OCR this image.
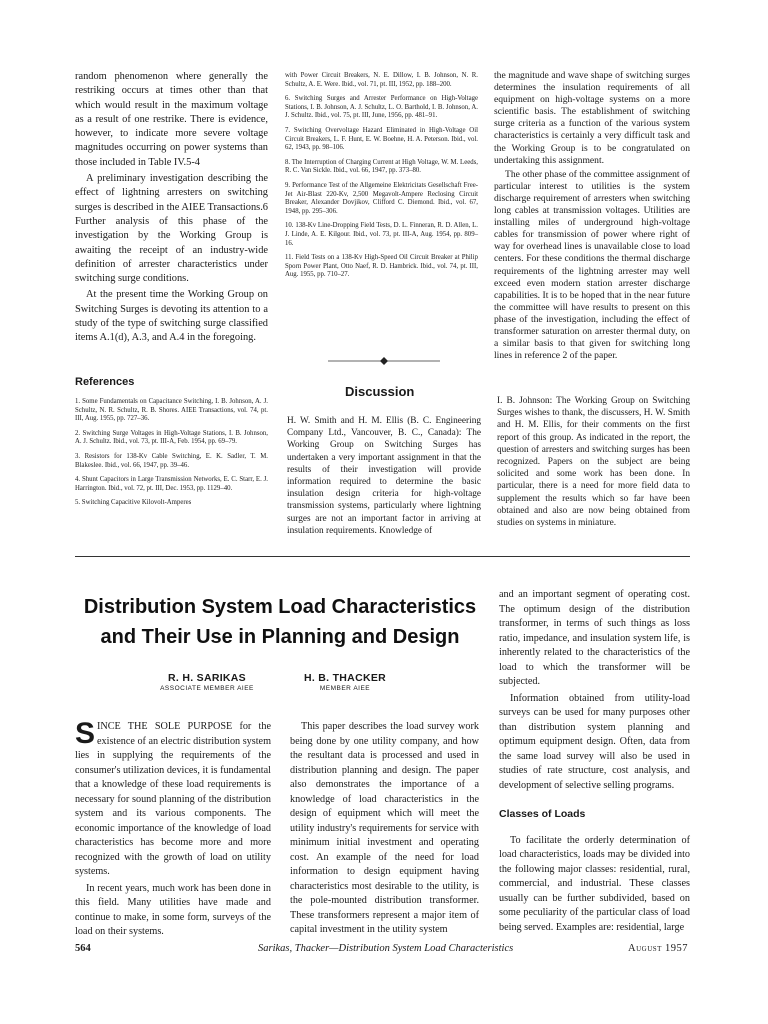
random phenomenon where generally the restriking occurs at times other than that which would result in the maximum voltage as a result of one restrike. There is evidence, however, to indicate more severe voltage magnitudes occurring on power systems than those included in Table IV.5-4

A preliminary investigation describing the effect of lightning arresters on switching surges is described in the AIEE Transactions.6 Further analysis of this phase of the investigation by the Working Group is awaiting the receipt of an industry-wide definition of arrester characteristics under switching surge conditions.

At the present time the Working Group on Switching Surges is devoting its attention to a study of the type of switching surge classified items A.1(d), A.3, and A.4 in the foregoing.

with Power Circuit Breakers, N. E. Dillow, I. B. Johnson, N. R. Schultz, A. E. Were. Ibid., vol. 71, pt. III, 1952, pp. 188–200.
6. Switching Surges and Arrester Performance on High-Voltage Stations, I. B. Johnson, A. J. Schultz, L. O. Barthold, I. B. Johnson, A. J. Schultz. Ibid., vol. 75, pt. III, June, 1956, pp. 481–91.
7. Switching Overvoltage Hazard Eliminated in High-Voltage Oil Circuit Breakers, L. F. Hunt, E. W. Boehne, H. A. Peterson. Ibid., vol. 62, 1943, pp. 98–106.
8. The Interruption of Charging Current at High Voltage, W. M. Leeds, R. C. Van Sickle. Ibid., vol. 66, 1947, pp. 373–80.
9. Performance Test of the Allgemeine Elektricitats Gesellschaft Free-Jet Air-Blast 220-Kv, 2,500 Megavolt-Ampere Reclosing Circuit Breaker, Alexander Dovjikov, Clifford C. Diemond. Ibid., vol. 67, 1948, pp. 295–306.
10. 138-Kv Line-Dropping Field Tests, D. L. Finneran, R. D. Allen, L. J. Linde, A. E. Kilgour. Ibid., vol. 73, pt. III-A, Aug. 1954, pp. 809–16.
11. Field Tests on a 138-Kv High-Speed Oil Circuit Breaker at Philip Sporn Power Plant, Otto Naef, R. D. Hambrick. Ibid., vol. 74, pt. III, Aug. 1955, pp. 710–27.

the magnitude and wave shape of switching surges determines the insulation requirements of all equipment on high-voltage systems on a more scientific basis. The establishment of switching surge criteria as a function of the various system characteristics is certainly a very difficult task and the Working Group is to be congratulated on undertaking this assignment.

The other phase of the committee assignment of particular interest to utilities is the system discharge requirement of arresters when switching long cables at transmission voltages. Utilities are installing miles of underground high-voltage cables for transmission of power where right of way for overhead lines is unavailable close to load centers. For these conditions the thermal discharge requirements of the lightning arrester may well exceed even modern station arrester discharge capabilities. It is to be hoped that in the near future the committee will have results to present on this phase of the investigation, including the effect of transformer saturation on arrester thermal duty, on a similar basis to that given for switching long lines in reference 2 of the paper.

References
1. Some Fundamentals on Capacitance Switching, I. B. Johnson, A. J. Schultz, N. R. Schultz, R. B. Shores. AIEE Transactions, vol. 74, pt. III, Aug. 1955, pp. 727–36.
2. Switching Surge Voltages in High-Voltage Stations, I. B. Johnson, A. J. Schultz. Ibid., vol. 73, pt. III-A, Feb. 1954, pp. 69–79.
3. Resistors for 138-Kv Cable Switching, E. K. Sadler, T. M. Blakeslee. Ibid., vol. 66, 1947, pp. 39–46.
4. Shunt Capacitors in Large Transmission Networks, E. C. Starr, E. J. Harrington. Ibid., vol. 72, pt. III, Dec. 1953, pp. 1129–40.
5. Switching Capacitive Kilovolt-Amperes
Discussion

H. W. Smith and H. M. Ellis (B. C. Engineering Company Ltd., Vancouver, B. C., Canada): The Working Group on Switching Surges has undertaken a very important assignment in that the results of their investigation will provide information required to determine the basic insulation design criteria for high-voltage transmission systems, particularly where lightning surges are not an important factor in arriving at insulation requirements. Knowledge of

I. B. Johnson: The Working Group on Switching Surges wishes to thank, the discussers, H. W. Smith and H. M. Ellis, for their comments on the first report of this group. As indicated in the report, the question of arresters and switching surges has been recognized. Papers on the subject are being solicited and some work has been done. In particular, there is a need for more field data to supplement the results which so far have been obtained and also are now being obtained from studies on systems in miniature.

Distribution System Load Characteristics
and Their Use in Planning and Design
R. H. SARIKAS
ASSOCIATE MEMBER AIEE
H. B. THACKER
MEMBER AIEE

SINCE THE SOLE PURPOSE for the existence of an electric distribution system lies in supplying the requirements of the consumer's utilization devices, it is fundamental that a knowledge of these load requirements is necessary for sound planning of the distribution system and its various components. The economic importance of the knowledge of load characteristics has become more and more recognized with the growth of load on utility systems.

In recent years, much work has been done in this field. Many utilities have made and continue to make, in some form, surveys of the load on their systems.

This paper describes the load survey work being done by one utility company, and how the resultant data is processed and used in distribution planning and design. The paper also demonstrates the importance of a knowledge of load characteristics in the design of equipment which will meet the utility industry's requirements for service with minimum initial investment and operating cost. An example of the need for load information to design equipment having characteristics most desirable to the utility, is the pole-mounted distribution transformer. These transformers represent a major item of capital investment in the utility system

and an important segment of operating cost. The optimum design of the distribution transformer, in terms of such things as loss ratio, impedance, and insulation system life, is inherently related to the characteristics of the load to which the transformer will be subjected.

Information obtained from utility-load surveys can be used for many purposes other than distribution system planning and optimum equipment design. Often, data from the same load survey will also be used in studies of rate structure, cost analysis, and development of selective selling programs.

Classes of Loads

To facilitate the orderly determination of load characteristics, loads may be divided into the following major classes: residential, rural, commercial, and industrial. These classes usually can be further subdivided, based on some peculiarity of the particular class of load being served. Examples are: residential, large

564	Sarikas, Thacker—Distribution System Load Characteristics	August 1957
